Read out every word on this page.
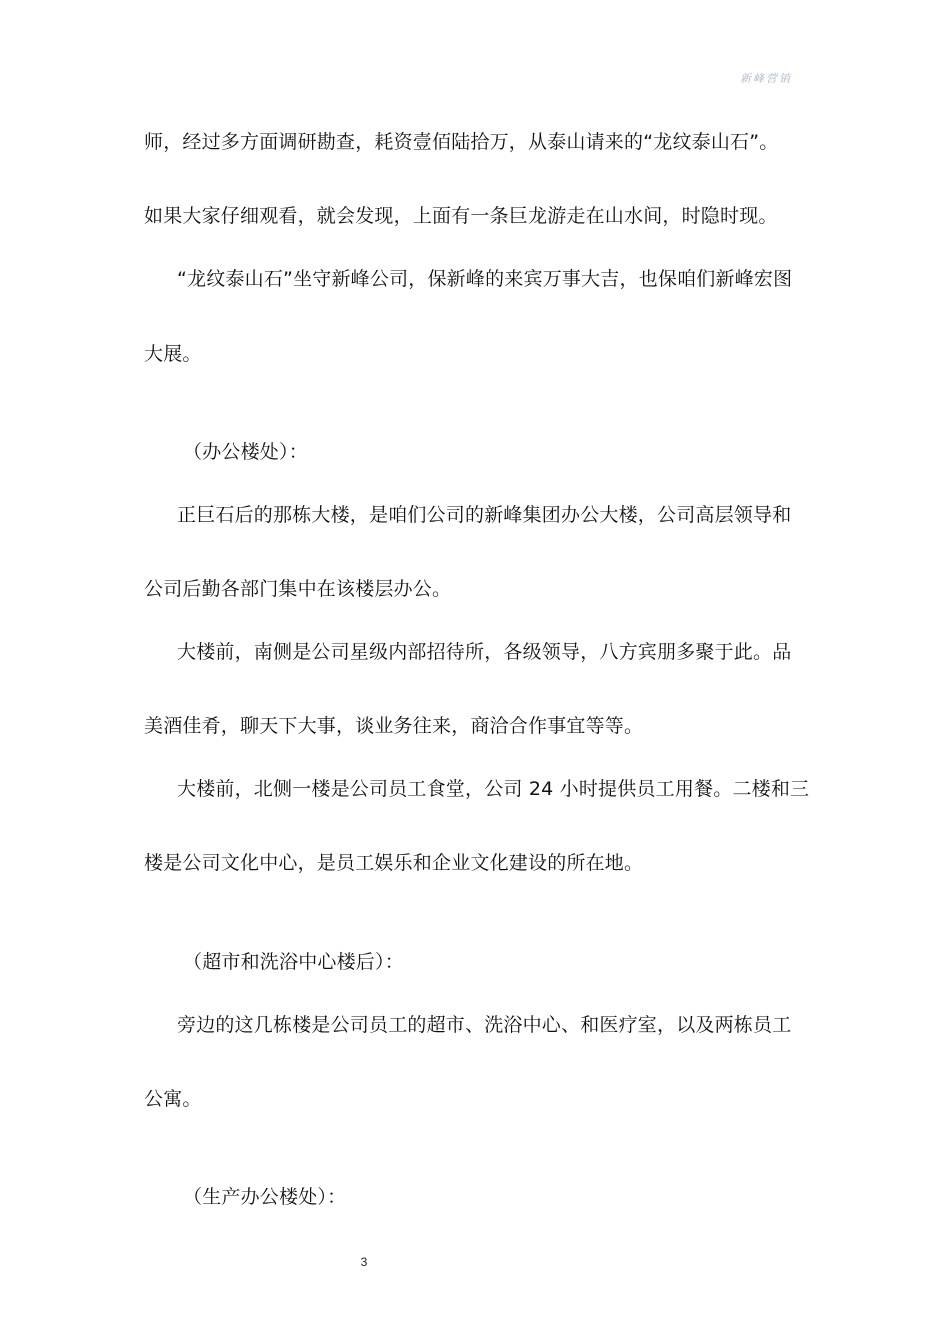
新峰营销

师，经过多方面调研勘查，耗资壹佰陆拾万，从泰山请来的“龙纹泰山石”。

如果大家仔细观看，就会发现，上面有一条巨龙游走在山水间，时隐时现。

“龙纹泰山石”坐守新峰公司，保新峰的来宾万事大吉，也保咱们新峰宏图

大展。

（办公楼处）：

正巨石后的那栋大楼，是咱们公司的新峰集团办公大楼，公司高层领导和

公司后勤各部门集中在该楼层办公。

大楼前，南侧是公司星级内部招待所，各级领导，八方宾朋多聚于此。品

美酒佳肴，聊天下大事，谈业务往来，商洽合作事宜等等。

大楼前，北侧一楼是公司员工食堂，公司 24 小时提供员工用餐。二楼和三

楼是公司文化中心，是员工娱乐和企业文化建设的所在地。

（超市和洗浴中心楼后）：

旁边的这几栋楼是公司员工的超市、洗浴中心、和医疗室，以及两栋员工

公寓。

（生产办公楼处）：

3
